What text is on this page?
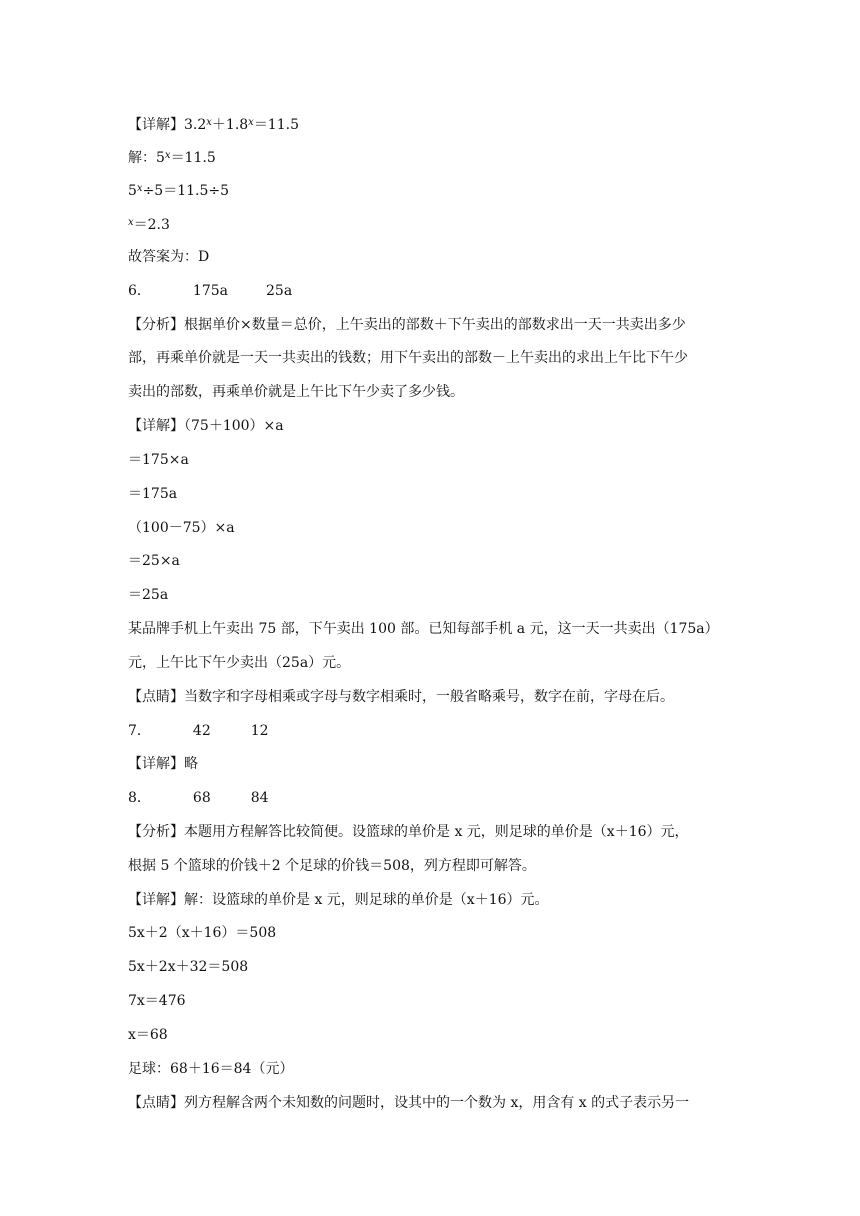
【详解】$3.2^x+1.8^x=11.5$
解：$5^x=11.5$
$5^x\div 5=11.5\div 5$
$^x$＝2.3
故答案为：D
6．	175a	25a
【分析】根据单价×数量＝总价，上午卖出的部数＋下午卖出的部数求出一天一共卖出多少
部，再乘单价就是一天一共卖出的钱数；用下午卖出的部数－上午卖出的求出上午比下午少
卖出的部数，再乘单价就是上午比下午少卖了多少钱。
【详解】（75＋100）×a
＝175×a
＝175a
（100－75）×a
＝25×a
＝25a
某品牌手机上午卖出 75 部，下午卖出 100 部。已知每部手机 a 元，这一天一共卖出（175a）
元，上午比下午少卖出（25a）元。
【点睛】当数字和字母相乘或字母与数字相乘时，一般省略乘号，数字在前，字母在后。
7．	42	12
【详解】略
8．	68	84
【分析】本题用方程解答比较简便。设篮球的单价是 x 元，则足球的单价是（x＋16）元，
根据 5 个篮球的价钱＋2 个足球的价钱＝508，列方程即可解答。
【详解】解：设篮球的单价是 x 元，则足球的单价是（x＋16）元。
5x＋2（x＋16）＝508
5x＋2x＋32＝508
7x＝476
x＝68
足球：68＋16＝84（元）
【点睛】列方程解含两个未知数的问题时，设其中的一个数为 x，用含有 x 的式子表示另一
